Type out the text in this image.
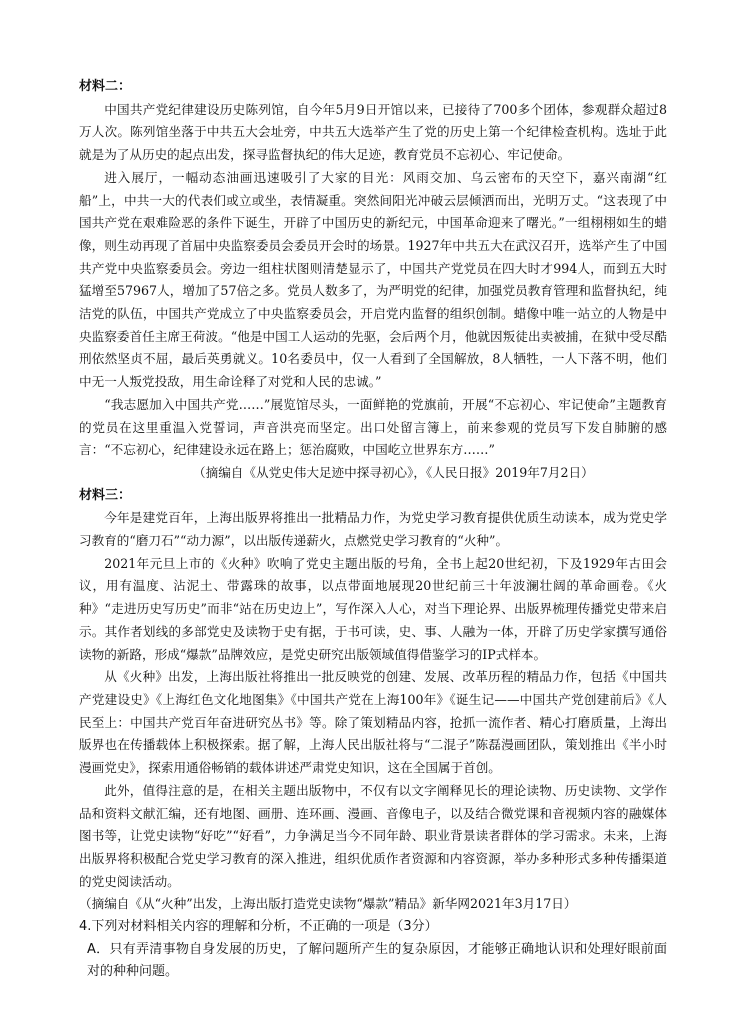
材料二：

中国共产党纪律建设历史陈列馆，自今年5月9日开馆以来，已接待了700多个团体，参观群众超过8万人次。陈列馆坐落于中共五大会址旁，中共五大选举产生了党的历史上第一个纪律检查机构。选址于此就是为了从历史的起点出发，探寻监督执纪的伟大足迹，教育党员不忘初心、牢记使命。

进入展厅，一幅动态油画迅速吸引了大家的目光：风雨交加、乌云密布的天空下，嘉兴南湖“红船”上，中共一大的代表们或立或坐，表情凝重。突然间阳光冲破云层倾洒而出，光明万丈。“这表现了中国共产党在艰难险恶的条件下诞生，开辟了中国历史的新纪元，中国革命迎来了曙光。”一组栩栩如生的蜡像，则生动再现了首届中央监察委员会委员开会时的场景。1927年中共五大在武汉召开，选举产生了中国共产党中央监察委员会。旁边一组柱状图则清楚显示了，中国共产党党员在四大时才994人，而到五大时猛增至57967人，增加了57倍之多。党员人数多了，为严明党的纪律，加强党员教育管理和监督执纪，纯洁党的队伍，中国共产党成立了中央监察委员会，开启党内监督的组织创制。蜡像中唯一站立的人物是中央监察委首任主席王荷波。“他是中国工人运动的先驱，会后两个月，他就因叛徒出卖被捕，在狱中受尽酷刑依然坚贞不屈，最后英勇就义。10名委员中，仅一人看到了全国解放，8人牺牲，一人下落不明，他们中无一人叛党投敌，用生命诠释了对党和人民的忠诚。”

“我志愿加入中国共产党……”展览馆尽头，一面鲜艳的党旗前，开展“不忘初心、牢记使命”主题教育的党员在这里重温入党誓词，声音洪亮而坚定。出口处留言簿上，前来参观的党员写下发自肺腑的感言：“不忘初心，纪律建设永远在路上；惩治腐败，中国屹立世界东方……”

（摘编自《从党史伟大足迹中探寻初心》，《人民日报》2019年7月2日）

材料三：

今年是建党百年，上海出版界将推出一批精品力作，为党史学习教育提供优质生动读本，成为党史学习教育的“磨刀石”“动力源”，以出版传递薪火，点燃党史学习教育的“火种”。

2021年元旦上市的《火种》吹响了党史主题出版的号角，全书上起20世纪初，下及1929年古田会议，用有温度、沾泥土、带露珠的故事，以点带面地展现20世纪前三十年波澜壮阔的革命画卷。《火种》“走进历史写历史”而非“站在历史边上”，写作深入人心，对当下理论界、出版界梳理传播党史带来启示。其作者划线的多部党史及读物于史有据，于书可读，史、事、人融为一体，开辟了历史学家撰写通俗读物的新路，形成“爆款”品牌效应，是党史研究出版领域值得借鉴学习的IP式样本。

从《火种》出发，上海出版社将推出一批反映党的创建、发展、改革历程的精品力作，包括《中国共产党建设史》《上海红色文化地图集》《中国共产党在上海100年》《诞生记——中国共产党创建前后》《人民至上：中国共产党百年奋进研究丛书》等。除了策划精品内容，抢抓一流作者、精心打磨质量，上海出版界也在传播载体上积极探索。据了解，上海人民出版社将与“二混子”陈磊漫画团队，策划推出《半小时漫画党史》，探索用通俗畅销的载体讲述严肃党史知识，这在全国属于首创。

此外，值得注意的是，在相关主题出版物中，不仅有以文字阐释见长的理论读物、历史读物、文学作品和资料文献汇编，还有地图、画册、连环画、漫画、音像电子，以及结合微党课和音视频内容的融媒体图书等，让党史读物“好吃”“好看”，力争满足当今不同年龄、职业背景读者群体的学习需求。未来，上海出版界将积极配合党史学习教育的深入推进，组织优质作者资源和内容资源，举办多种形式多种传播渠道的党史阅读活动。

（摘编自《从“火种”出发，上海出版打造党史读物“爆款”精品》新华网2021年3月17日）

4.下列对材料相关内容的理解和分析，不正确的一项是（3分）

A．只有弄清事物自身发展的历史，了解问题所产生的复杂原因，才能够正确地认识和处理好眼前面对的种种问题。
